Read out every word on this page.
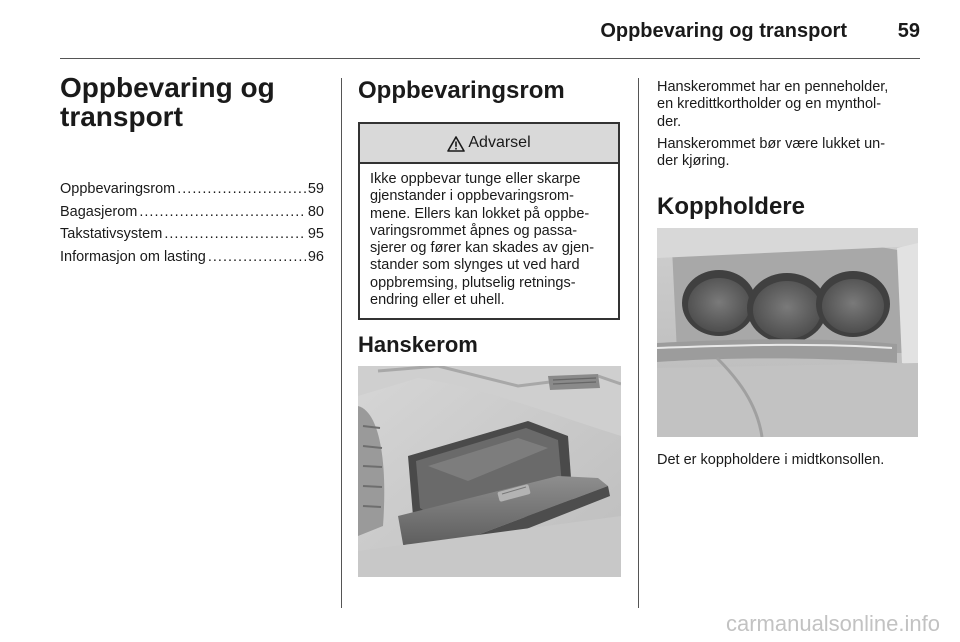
Oppbevaring og transport	59
Oppbevaring og
transport
Oppbevaringsrom .....	59
Bagasjerom .....	80
Takstativsystem .....	95
Informasjon om lasting .....	96
Oppbevaringsrom
Advarsel
Ikke oppbevar tunge eller skarpe
gjenstander i oppbevaringsrom-
mene. Ellers kan lokket på oppbe-
varingsrommet åpnes og passa-
sjerer og fører kan skades av gjen-
stander som slynges ut ved hard
oppbremsing, plutselig retnings-
endring eller et uhell.
Hanskerom
Hanskerommet har en penneholder,
en kredittkortholder og en mynthol-
der.
Hanskerommet bør være lukket un-
der kjøring.
Koppholdere
Det er koppholdere i midtkonsollen.
carmanualsonline.info
